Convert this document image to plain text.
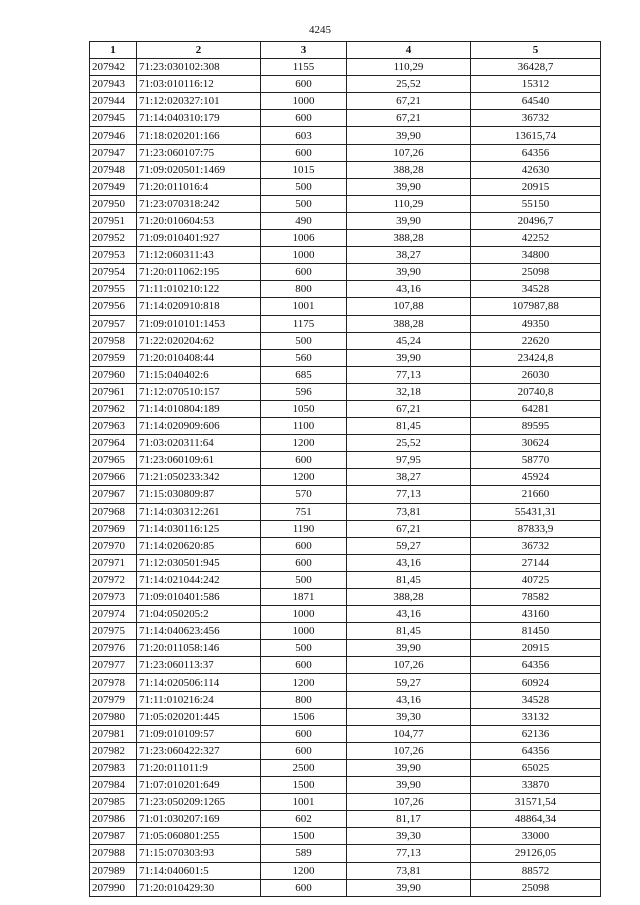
4245
1	2	3	4	5
207942	71:23:030102:308	1155	110,29	36428,7
207943	71:03:010116:12	600	25,52	15312
207944	71:12:020327:101	1000	67,21	64540
207945	71:14:040310:179	600	67,21	36732
207946	71:18:020201:166	603	39,90	13615,74
207947	71:23:060107:75	600	107,26	64356
207948	71:09:020501:1469	1015	388,28	42630
207949	71:20:011016:4	500	39,90	20915
207950	71:23:070318:242	500	110,29	55150
207951	71:20:010604:53	490	39,90	20496,7
207952	71:09:010401:927	1006	388,28	42252
207953	71:12:060311:43	1000	38,27	34800
207954	71:20:011062:195	600	39,90	25098
207955	71:11:010210:122	800	43,16	34528
207956	71:14:020910:818	1001	107,88	107987,88
207957	71:09:010101:1453	1175	388,28	49350
207958	71:22:020204:62	500	45,24	22620
207959	71:20:010408:44	560	39,90	23424,8
207960	71:15:040402:6	685	77,13	26030
207961	71:12:070510:157	596	32,18	20740,8
207962	71:14:010804:189	1050	67,21	64281
207963	71:14:020909:606	1100	81,45	89595
207964	71:03:020311:64	1200	25,52	30624
207965	71:23:060109:61	600	97,95	58770
207966	71:21:050233:342	1200	38,27	45924
207967	71:15:030809:87	570	77,13	21660
207968	71:14:030312:261	751	73,81	55431,31
207969	71:14:030116:125	1190	67,21	87833,9
207970	71:14:020620:85	600	59,27	36732
207971	71:12:030501:945	600	43,16	27144
207972	71:14:021044:242	500	81,45	40725
207973	71:09:010401:586	1871	388,28	78582
207974	71:04:050205:2	1000	43,16	43160
207975	71:14:040623:456	1000	81,45	81450
207976	71:20:011058:146	500	39,90	20915
207977	71:23:060113:37	600	107,26	64356
207978	71:14:020506:114	1200	59,27	60924
207979	71:11:010216:24	800	43,16	34528
207980	71:05:020201:445	1506	39,30	33132
207981	71:09:010109:57	600	104,77	62136
207982	71:23:060422:327	600	107,26	64356
207983	71:20:011011:9	2500	39,90	65025
207984	71:07:010201:649	1500	39,90	33870
207985	71:23:050209:1265	1001	107,26	31571,54
207986	71:01:030207:169	602	81,17	48864,34
207987	71:05:060801:255	1500	39,30	33000
207988	71:15:070303:93	589	77,13	29126,05
207989	71:14:040601:5	1200	73,81	88572
207990	71:20:010429:30	600	39,90	25098
